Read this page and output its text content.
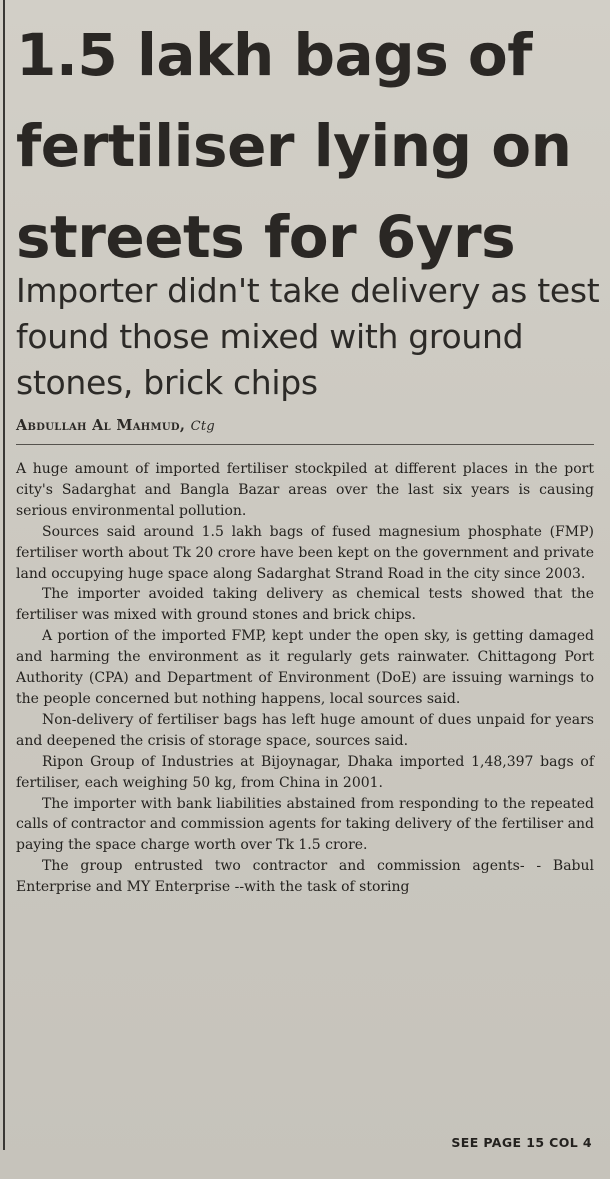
1.5 lakh bags of fertiliser lying on streets for 6yrs
Importer didn't take delivery as test found those mixed with ground stones, brick chips
Abdullah Al Mahmud, Ctg

A huge amount of imported fertiliser stockpiled at different places in the port city's Sadarghat and Bangla Bazar areas over the last six years is causing serious environmental pollution.

Sources said around 1.5 lakh bags of fused magnesium phosphate (FMP) fertiliser worth about Tk 20 crore have been kept on the government and private land occupying huge space along Sadarghat Strand Road in the city since 2003.

The importer avoided taking delivery as chemical tests showed that the fertiliser was mixed with ground stones and brick chips.

A portion of the imported FMP, kept under the open sky, is getting damaged and harming the environment as it regularly gets rainwater. Chittagong Port Authority (CPA) and Department of Environment (DoE) are issuing warnings to the people concerned but nothing happens, local sources said.

Non-delivery of fertiliser bags has left huge amount of dues unpaid for years and deepened the crisis of storage space, sources said.

Ripon Group of Industries at Bijoynagar, Dhaka imported 1,48,397 bags of fertiliser, each weighing 50 kg, from China in 2001.

The importer with bank liabilities abstained from responding to the repeated calls of contractor and commission agents for taking delivery of the fertiliser and paying the space charge worth over Tk 1.5 crore.

The group entrusted two contractor and commission agents- - Babul Enterprise and MY Enterprise --with the task of storing

SEE PAGE 15 COL 4
